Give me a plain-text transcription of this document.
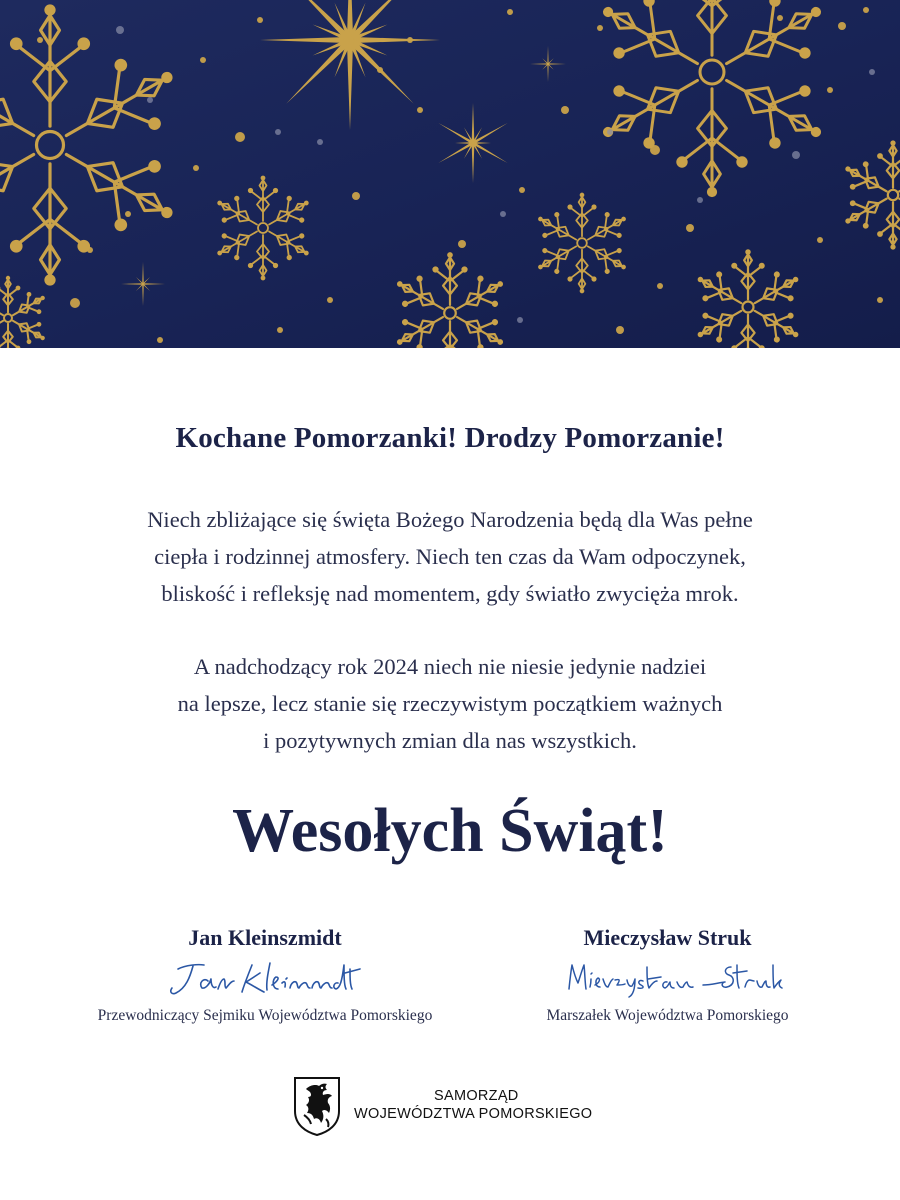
Kochane Pomorzanki! Drodzy Pomorzanie!
Niech zbliżające się święta Bożego Narodzenia będą dla Was pełne
ciepła i rodzinnej atmosfery. Niech ten czas da Wam odpoczynek,
bliskość i refleksję nad momentem, gdy światło zwycięża mrok.
A nadchodzący rok 2024 niech nie niesie jedynie nadziei
na lepsze, lecz stanie się rzeczywistym początkiem ważnych
i pozytywnych zmian dla nas wszystkich.
Wesołych Świąt!
Jan Kleinszmidt
Przewodniczący Sejmiku Województwa Pomorskiego
Mieczysław Struk
Marszałek Województwa Pomorskiego
SAMORZĄD
WOJEWÓDZTWA POMORSKIEGO
